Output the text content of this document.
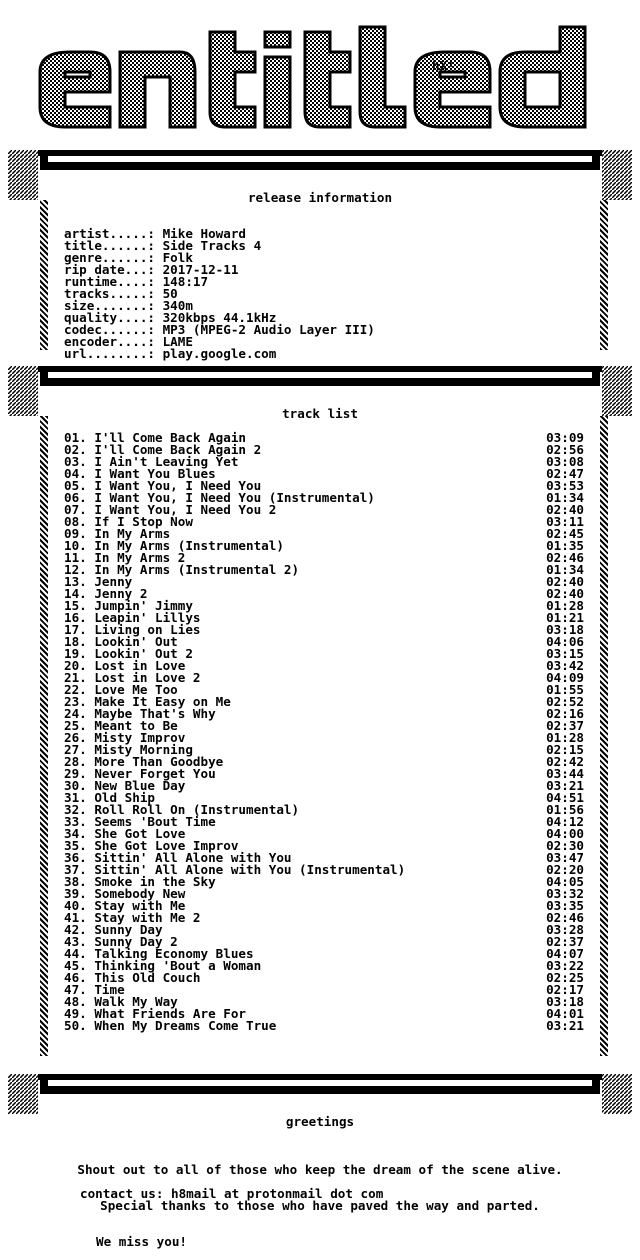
hX!
release information
artist.....: Mike Howard
title......: Side Tracks 4
genre......: Folk
rip date...: 2017-12-11
runtime....: 148:17
tracks.....: 50
size.......: 340m
quality....: 320kbps 44.1kHz
codec......: MP3 (MPEG-2 Audio Layer III)
encoder....: LAME
url........: play.google.com
track list
01. I'll Come Back Again	03:09
02. I'll Come Back Again 2	02:56
03. I Ain't Leaving Yet	03:08
04. I Want You Blues	02:47
05. I Want You, I Need You	03:53
06. I Want You, I Need You (Instrumental)	01:34
07. I Want You, I Need You 2	02:40
08. If I Stop Now	03:11
09. In My Arms	02:45
10. In My Arms (Instrumental)	01:35
11. In My Arms 2	02:46
12. In My Arms (Instrumental 2)	01:34
13. Jenny	02:40
14. Jenny 2	02:40
15. Jumpin' Jimmy	01:28
16. Leapin' Lillys	01:21
17. Living on Lies	03:18
18. Lookin' Out	04:06
19. Lookin' Out 2	03:15
20. Lost in Love	03:42
21. Lost in Love 2	04:09
22. Love Me Too	01:55
23. Make It Easy on Me	02:52
24. Maybe That's Why	02:16
25. Meant to Be	02:37
26. Misty Improv	01:28
27. Misty Morning	02:15
28. More Than Goodbye	02:42
29. Never Forget You	03:44
30. New Blue Day	03:21
31. Old Ship	04:51
32. Roll Roll On (Instrumental)	01:56
33. Seems 'Bout Time	04:12
34. She Got Love	04:00
35. She Got Love Improv	02:30
36. Sittin' All Alone with You	03:47
37. Sittin' All Alone with You (Instrumental)	02:20
38. Smoke in the Sky	04:05
39. Somebody New	03:32
40. Stay with Me	03:35
41. Stay with Me 2	02:46
42. Sunny Day	03:28
43. Sunny Day 2	02:37
44. Talking Economy Blues	04:07
45. Thinking 'Bout a Woman	03:22
46. This Old Couch	02:25
47. Time	02:17
48. Walk My Way	03:18
49. What Friends Are For	04:01
50. When My Dreams Come True	03:21
greetings

Shout out to all of those who keep the dream of the scene alive.

Special thanks to those who have paved the way and parted.

We miss you!

contact us: h8mail at protonmail dot com
